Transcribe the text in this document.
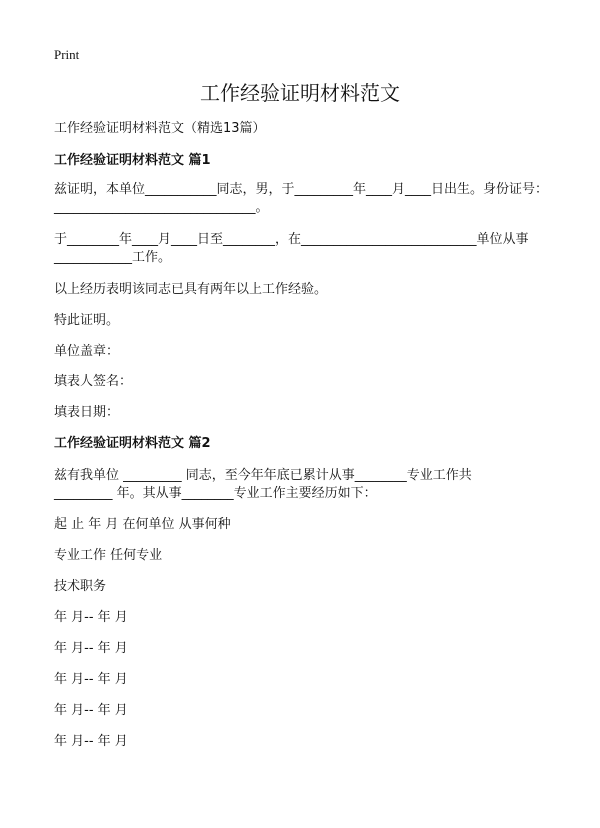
Print
工作经验证明材料范文
工作经验证明材料范文（精选13篇）
工作经验证明材料范文 篇1
兹证明，本单位___________同志，男，于_________年____月____日出生。身份证号：_______________________________。
于________年____月____日至________，在___________________________单位从事____________工作。
以上经历表明该同志已具有两年以上工作经验。
特此证明。
单位盖章：
填表人签名：
填表日期：
工作经验证明材料范文 篇2
兹有我单位 _________ 同志，至今年年底已累计从事________专业工作共
_________ 年。其从事________专业工作主要经历如下：
起 止 年 月 在何单位 从事何种
专业工作 任何专业
技术职务
年 月-- 年 月
年 月-- 年 月
年 月-- 年 月
年 月-- 年 月
年 月-- 年 月
